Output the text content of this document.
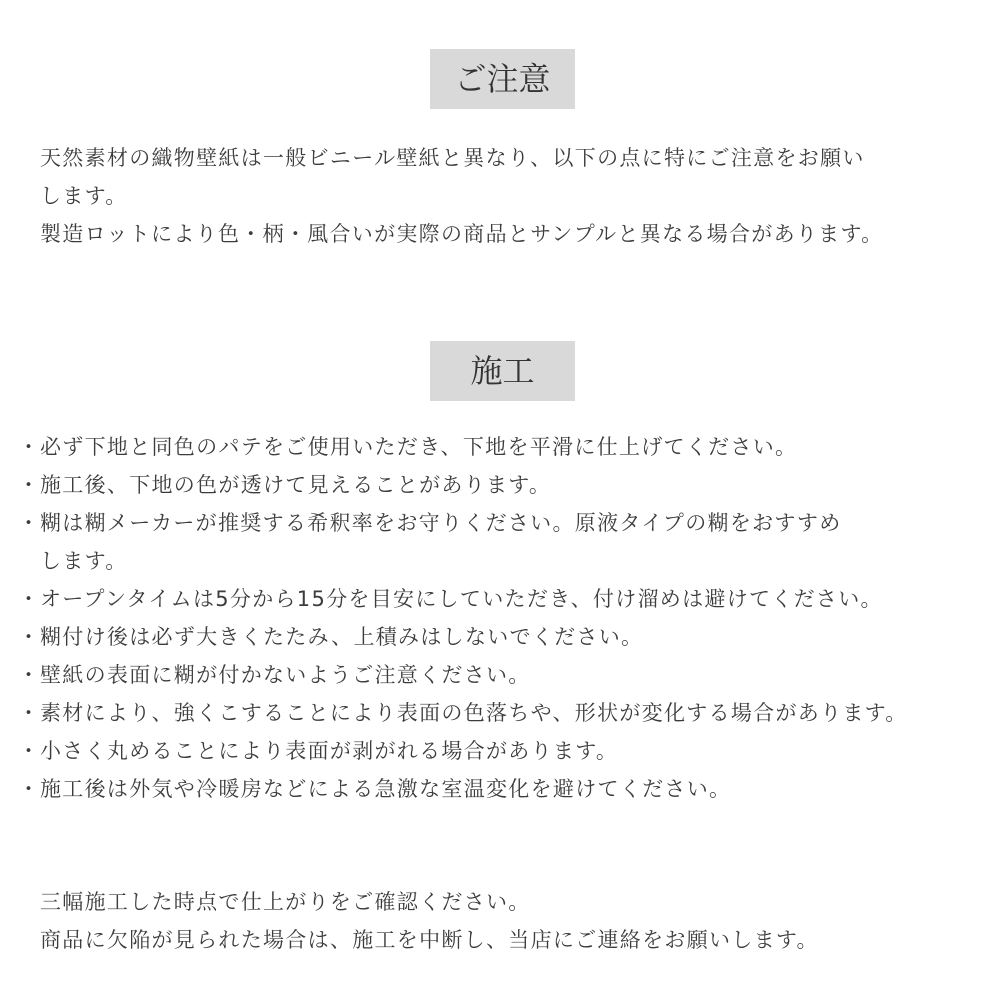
ご注意
天然素材の織物壁紙は一般ビニール壁紙と異なり、以下の点に特にご注意をお願い
します。
製造ロットにより色・柄・風合いが実際の商品とサンプルと異なる場合があります。
施工
・ 必ず下地と同色のパテをご使用いただき、下地を平滑に仕上げてください。
・ 施工後、下地の色が透けて見えることがあります。
・ 糊は糊メーカーが推奨する希釈率をお守りください。原液タイプの糊をおすすめ
します。
・ オープンタイムは5分から15分を目安にしていただき、付け溜めは避けてください。
・ 糊付け後は必ず大きくたたみ、上積みはしないでください。
・ 壁紙の表面に糊が付かないようご注意ください。
・ 素材により、強くこすることにより表面の色落ちや、形状が変化する場合があります。
・ 小さく丸めることにより表面が剥がれる場合があります。
・ 施工後は外気や冷暖房などによる急激な室温変化を避けてください。
三幅施工した時点で仕上がりをご確認ください。
商品に欠陥が見られた場合は、施工を中断し、当店にご連絡をお願いします。
